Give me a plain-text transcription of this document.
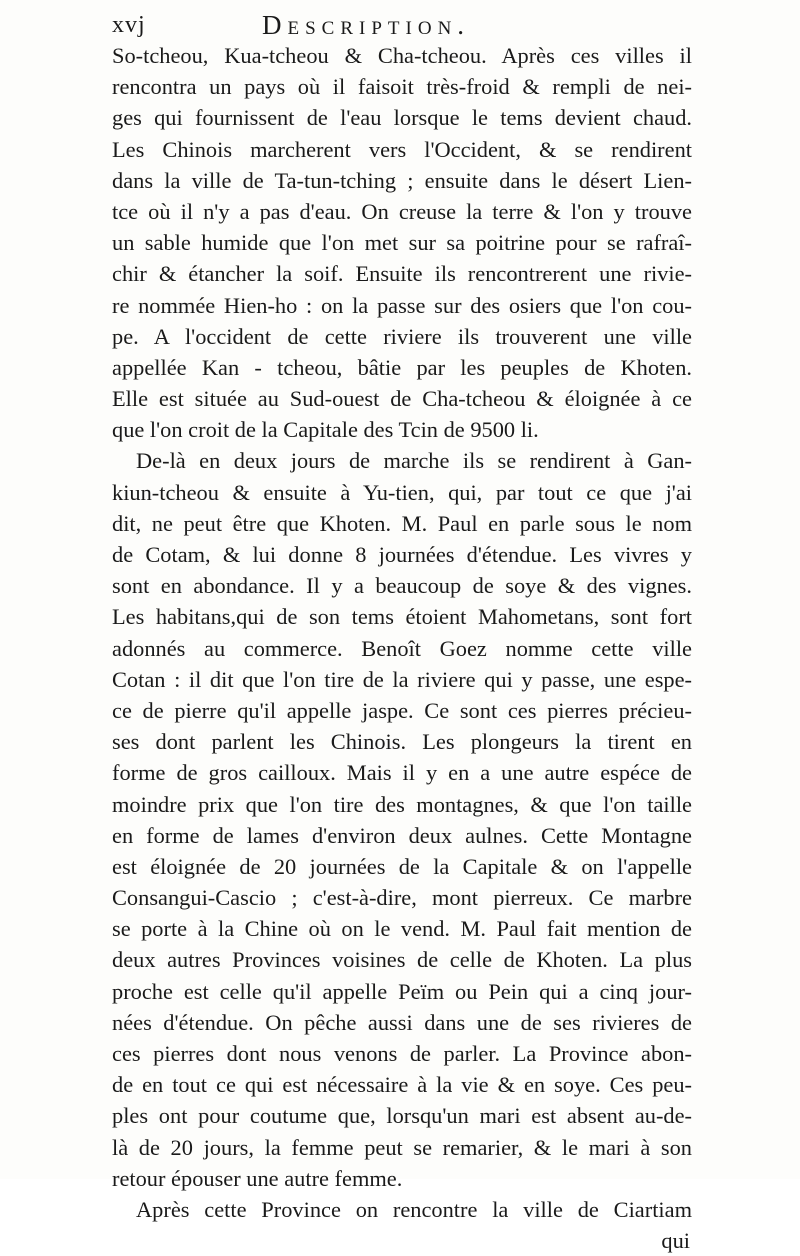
xvj	Description.
So-tcheou, Kua-tcheou & Cha-tcheou. Après ces villes il
rencontra un pays où il faisoit très-froid & rempli de nei-
ges qui fournissent de l'eau lorsque le tems devient chaud.
Les Chinois marcherent vers l'Occident, & se rendirent
dans la ville de Ta-tun-tching ; ensuite dans le désert Lien-
tce où il n'y a pas d'eau. On creuse la terre & l'on y trouve
un sable humide que l'on met sur sa poitrine pour se rafraî-
chir & étancher la soif. Ensuite ils rencontrerent une rivie-
re nommée Hien-ho : on la passe sur des osiers que l'on cou-
pe. A l'occident de cette riviere ils trouverent une ville
appellée Kan - tcheou, bâtie par les peuples de Khoten.
Elle est située au Sud-ouest de Cha-tcheou & éloignée à ce
que l'on croit de la Capitale des Tcin de 9500 li.
De-là en deux jours de marche ils se rendirent à Gan-
kiun-tcheou & ensuite à Yu-tien, qui, par tout ce que j'ai
dit, ne peut être que Khoten. M. Paul en parle sous le nom
de Cotam, & lui donne 8 journées d'étendue. Les vivres y
sont en abondance. Il y a beaucoup de soye & des vignes.
Les habitans,qui de son tems étoient Mahometans, sont fort
adonnés au commerce. Benoît Goez nomme cette ville
Cotan : il dit que l'on tire de la riviere qui y passe, une espe-
ce de pierre qu'il appelle jaspe. Ce sont ces pierres précieu-
ses dont parlent les Chinois. Les plongeurs la tirent en
forme de gros cailloux. Mais il y en a une autre espéce de
moindre prix que l'on tire des montagnes, & que l'on taille
en forme de lames d'environ deux aulnes. Cette Montagne
est éloignée de 20 journées de la Capitale & on l'appelle
Consangui-Cascio ; c'est-à-dire, mont pierreux. Ce marbre
se porte à la Chine où on le vend. M. Paul fait mention de
deux autres Provinces voisines de celle de Khoten. La plus
proche est celle qu'il appelle Peïm ou Pein qui a cinq jour-
nées d'étendue. On pêche aussi dans une de ses rivieres de
ces pierres dont nous venons de parler. La Province abon-
de en tout ce qui est nécessaire à la vie & en soye. Ces peu-
ples ont pour coutume que, lorsqu'un mari est absent au-de-
là de 20 jours, la femme peut se remarier, & le mari à son
retour épouser une autre femme.
Après cette Province on rencontre la ville de Ciartiam
qui
